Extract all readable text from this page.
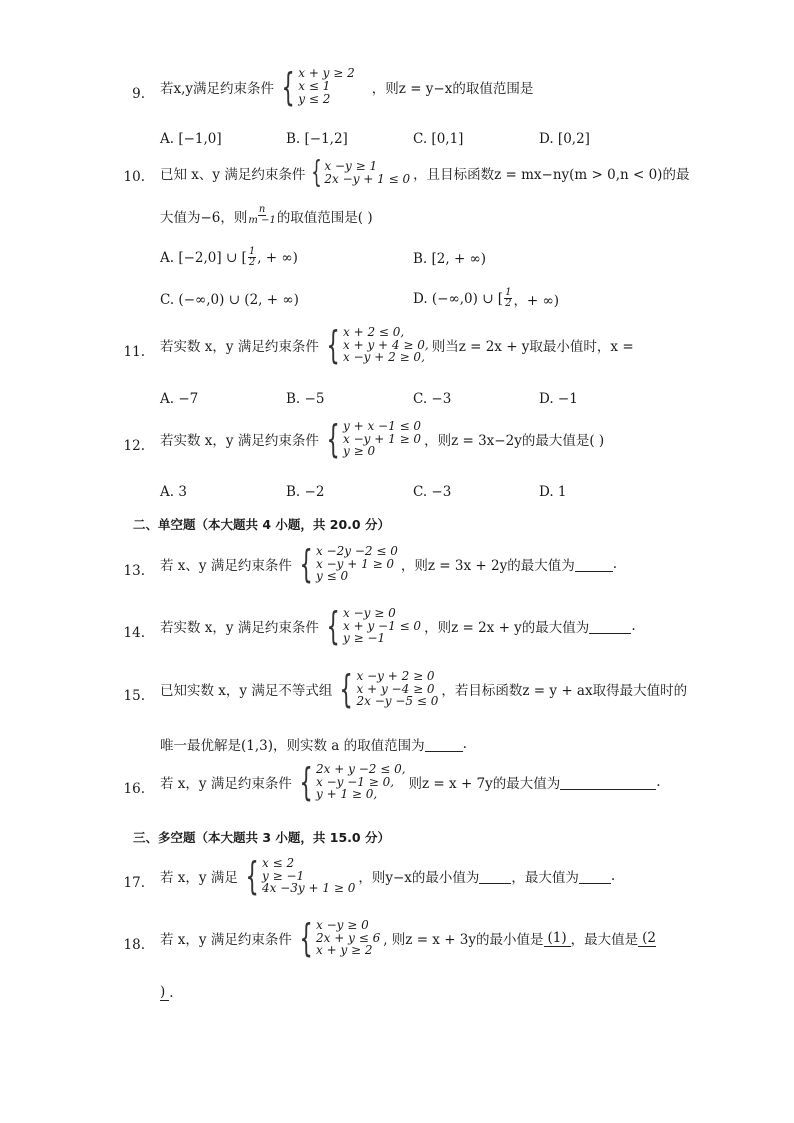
9. 若x,y满足约束条件 { x + y ≥ 2
x ≤ 1
y ≤ 2
，则z = y−x的取值范围是
A. [−1,0]	B. [−1,2]	C. [0,1]	D. [0,2]
10. 已知 x、y 满足约束条件 { x −y ≥ 1
2x −y + 1 ≤ 0 ，且目标函数z = mx−ny(m > 0,n < 0)的最
大值为−6，则 $\frac{n}{m -1}$ 的取值范围是( )
A. [−2,0] ∪ [ $\frac{1}{2}$ , + ∞)	B. [2, + ∞)
C. (−∞,0) ∪ (2, + ∞)	D. (−∞,0) ∪ [ $\frac{1}{2}$ ，+ ∞)
11. 若实数 x，y 满足约束条件 { x + 2 ≤ 0,
x + y + 4 ≥ 0,
x −y + 2 ≥ 0,
则当z = 2x + y取最小值时，x =
A. −7	B. −5	C. −3	D. −1
12. 若实数 x，y 满足约束条件 { y + x −1 ≤ 0
x −y + 1 ≥ 0
y ≥ 0
，则z = 3x−2y的最大值是( )
A. 3	B. −2	C. −3	D. 1
二、单空题（本大题共 4 小题，共 20.0 分）
13. 若 x、y 满足约束条件 { x −2y −2 ≤ 0
x −y + 1 ≥ 0
y ≤ 0
，则z = 3x + 2y的最大值为	.
14. 若实数 x，y 满足约束条件 { x −y ≥ 0
x + y −1 ≤ 0
y ≥ −1
，则z = 2x + y的最大值为	.
15. 已知实数 x，y 满足不等式组 { x −y + 2 ≥ 0
x + y −4 ≥ 0
2x −y −5 ≤ 0
，若目标函数z = y + ax取得最大值时的
唯一最优解是(1,3)，则实数 a 的取值范围为	.
16. 若 x，y 满足约束条件 { 2x + y −2 ≤ 0,
x −y −1 ≥ 0,
y + 1 ≥ 0,
则z = x + 7y的最大值为	.
三、多空题（本大题共 3 小题，共 15.0 分）
17. 若 x，y 满足 { x ≤ 2
y ≥ −1
4x −3y + 1 ≥ 0
，则y−x的最小值为 ，最大值为 .
18. 若 x，y 满足约束条件 { x −y ≥ 0
2x + y ≤ 6
x + y ≥ 2
, 则z = x + 3y的最小值是 (1) ，最大值是 (2
) .
